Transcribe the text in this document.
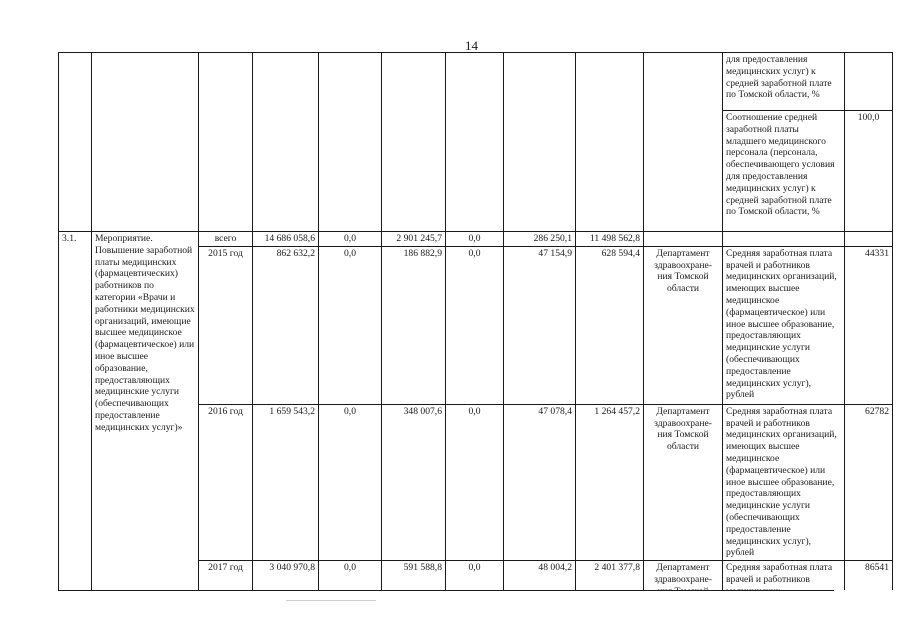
14
										для предоставления медицинских услуг) к средней заработной плате по Томской области, %	
										Соотношение средней заработной платы младшего медицинского персонала (персонала, обеспечивающего условия для предоставления медицинских услуг) к средней заработной плате по Томской области, %	100,0
3.1.	Мероприятие. Повышение заработной платы медицинских (фармацевтических) работников по категории «Врачи и работники медицинских организаций, имеющие высшее медицинское (фармацевтическое) или иное высшее образование, предоставляющих медицинские услуги (обеспечивающих предоставление медицинских услуг)»	всего	14 686 058,6	0,0	2 901 245,7	0,0	286 250,1	11 498 562,8			
		2015 год	862 632,2	0,0	186 882,9	0,0	47 154,9	628 594,4	Департамент здравоохране-ния Томской области	Средняя заработная плата врачей и работников медицинских организаций, имеющих высшее медицинское (фармацевтическое) или иное высшее образование, предоставляющих медицинские услуги (обеспечивающих предоставление медицинских услуг), рублей	44331
		2016 год	1 659 543,2	0,0	348 007,6	0,0	47 078,4	1 264 457,2	Департамент здравоохране-ния Томской области	Средняя заработная плата врачей и работников медицинских организаций, имеющих высшее медицинское (фармацевтическое) или иное высшее образование, предоставляющих медицинские услуги (обеспечивающих предоставление медицинских услуг), рублей	62782
		2017 год	3 040 970,8	0,0	591 588,8	0,0	48 004,2	2 401 377,8	Департамент здравоохране-	Средняя заработная плата врачей и работников	86541
